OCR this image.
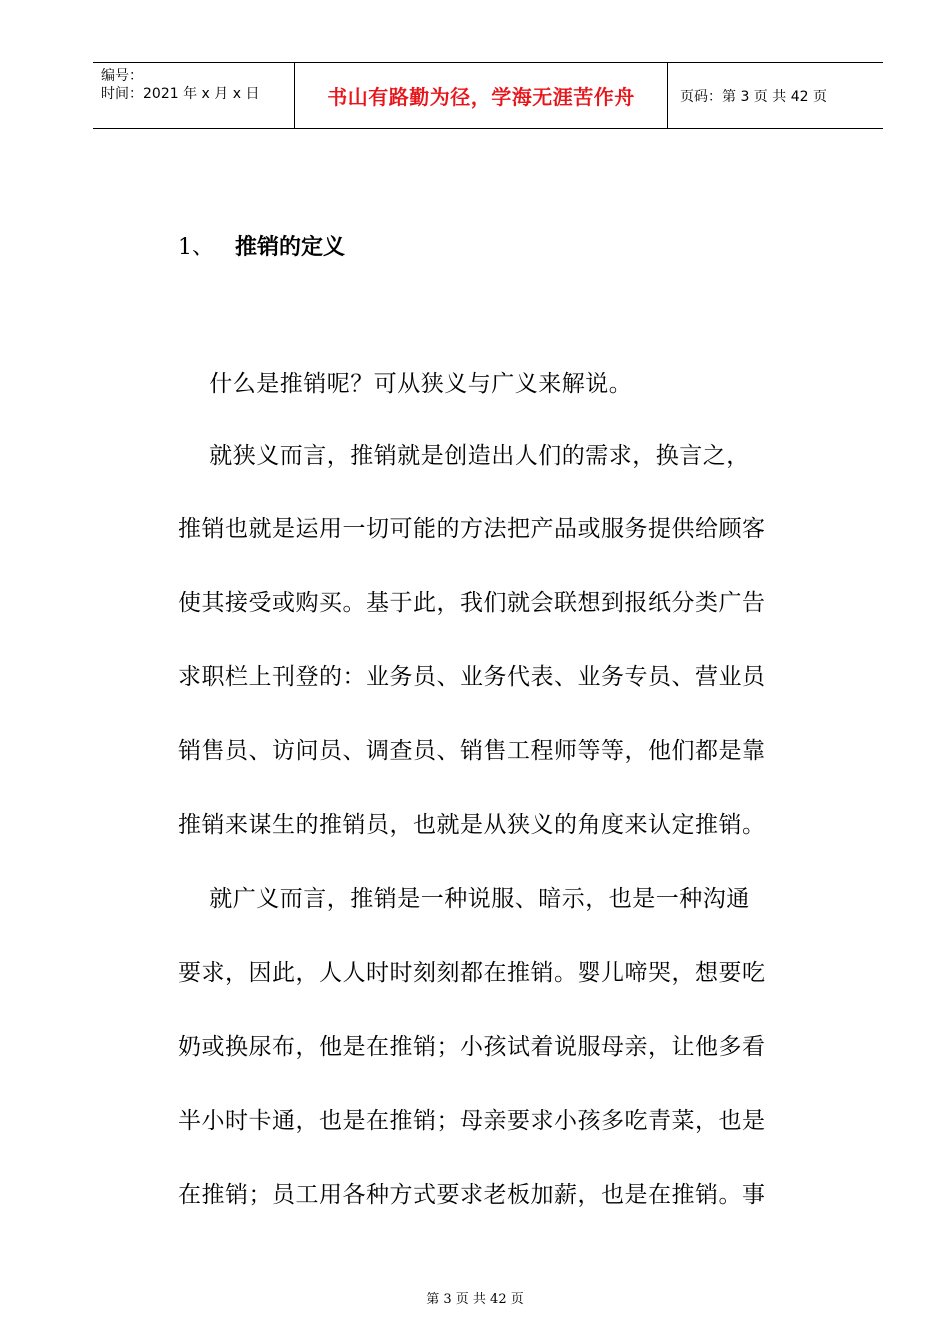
编号：
时间：2021 年 x 月 x 日	书山有路勤为径，学海无涯苦作舟	页码：第 3 页 共 42 页
1、 推销的定义
什么是推销呢？可从狭义与广义来解说。
就狭义而言，推销就是创造出人们的需求，换言之，
推销也就是运用一切可能的方法把产品或服务提供给顾客
使其接受或购买。基于此，我们就会联想到报纸分类广告
求职栏上刊登的：业务员、业务代表、业务专员、营业员
销售员、访问员、调查员、销售工程师等等，他们都是靠
推销来谋生的推销员，也就是从狭义的角度来认定推销。
就广义而言，推销是一种说服、暗示，也是一种沟通
要求，因此，人人时时刻刻都在推销。婴儿啼哭，想要吃
奶或换尿布，他是在推销；小孩试着说服母亲，让他多看
半小时卡通，也是在推销；母亲要求小孩多吃青菜，也是
在推销；员工用各种方式要求老板加薪，也是在推销。事
第 3 页 共 42 页
